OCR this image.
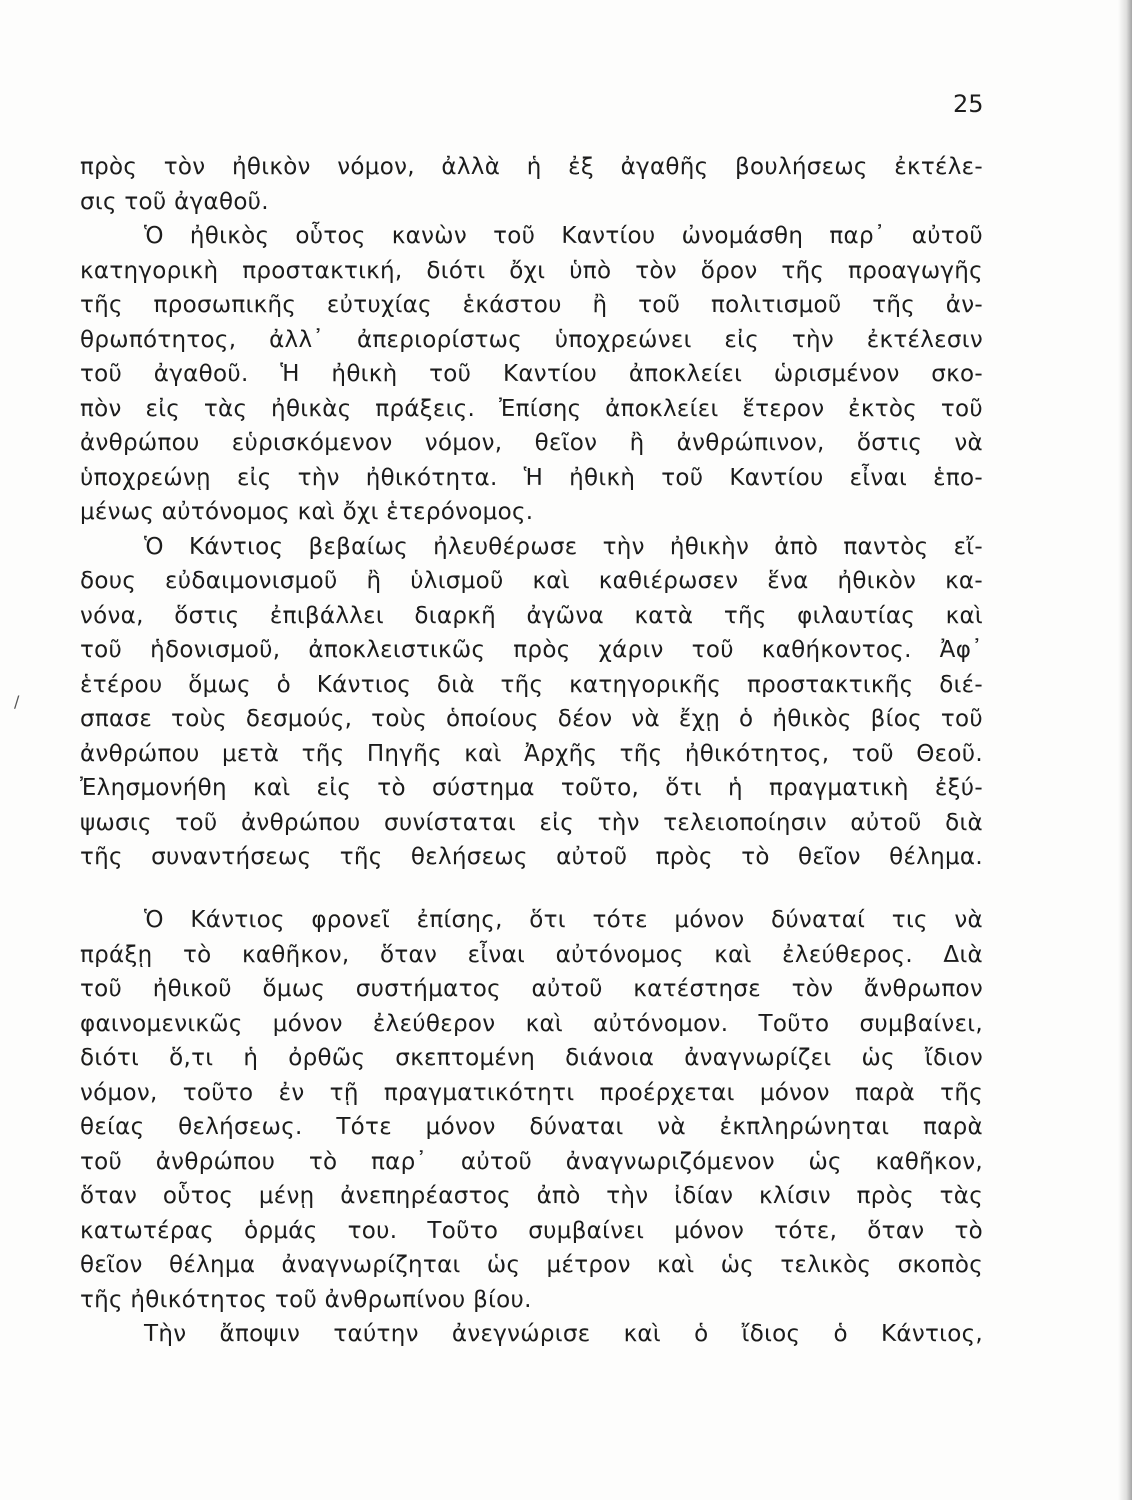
25
/
πρὸς τὸν ἠθικὸν νόμον, ἀλλὰ ἡ ἐξ ἀγαθῆς βουλήσεως ἐκτέλε-
σις τοῦ ἀγαθοῦ.
Ὁ ἠθικὸς οὗτος κανὼν τοῦ Καντίου ὠνομάσθη παρ᾽ αὐτοῦ
κατηγορικὴ προστακτική, διότι ὄχι ὑπὸ τὸν ὅρον τῆς προαγωγῆς
τῆς προσωπικῆς εὐτυχίας ἑκάστου ἢ τοῦ πολιτισμοῦ τῆς ἀν-
θρωπότητος, ἀλλ᾽ ἀπεριορίστως ὑποχρεώνει εἰς τὴν ἐκτέλεσιν
τοῦ ἀγαθοῦ. Ἡ ἠθικὴ τοῦ Καντίου ἀποκλείει ὡρισμένον σκο-
πὸν εἰς τὰς ἠθικὰς πράξεις. Ἐπίσης ἀποκλείει ἕτερον ἐκτὸς τοῦ
ἀνθρώπου εὑρισκόμενον νόμον, θεῖον ἢ ἀνθρώπινον, ὅστις νὰ
ὑποχρεώνῃ εἰς τὴν ἠθικότητα. Ἡ ἠθικὴ τοῦ Καντίου εἶναι ἑπο-
μένως αὐτόνομος καὶ ὄχι ἑτερόνομος.
Ὁ Κάντιος βεβαίως ἠλευθέρωσε τὴν ἠθικὴν ἀπὸ παντὸς εἴ-
δους εὐδαιμονισμοῦ ἢ ὑλισμοῦ καὶ καθιέρωσεν ἕνα ἠθικὸν κα-
νόνα, ὅστις ἐπιβάλλει διαρκῆ ἀγῶνα κατὰ τῆς φιλαυτίας καὶ
τοῦ ἡδονισμοῦ, ἀποκλειστικῶς πρὸς χάριν τοῦ καθήκοντος. Ἀφ᾽
ἑτέρου ὅμως ὁ Κάντιος διὰ τῆς κατηγορικῆς προστακτικῆς διέ-
σπασε τοὺς δεσμούς, τοὺς ὁποίους δέον νὰ ἔχῃ ὁ ἠθικὸς βίος τοῦ
ἀνθρώπου μετὰ τῆς Πηγῆς καὶ Ἀρχῆς τῆς ἠθικότητος, τοῦ Θεοῦ.
Ἐλησμονήθη καὶ εἰς τὸ σύστημα τοῦτο, ὅτι ἡ πραγματικὴ ἐξύ-
ψωσις τοῦ ἀνθρώπου συνίσταται εἰς τὴν τελειοποίησιν αὐτοῦ διὰ
τῆς συναντήσεως τῆς θελήσεως αὐτοῦ πρὸς τὸ θεῖον θέλημα.
Ὁ Κάντιος φρονεῖ ἐπίσης, ὅτι τότε μόνον δύναταί τις νὰ
πράξῃ τὸ καθῆκον, ὅταν εἶναι αὐτόνομος καὶ ἐλεύθερος. Διὰ
τοῦ ἠθικοῦ ὅμως συστήματος αὐτοῦ κατέστησε τὸν ἄνθρωπον
φαινομενικῶς μόνον ἐλεύθερον καὶ αὐτόνομον. Τοῦτο συμβαίνει,
διότι ὅ,τι ἡ ὀρθῶς σκεπτομένη διάνοια ἀναγνωρίζει ὡς ἴδιον
νόμον, τοῦτο ἐν τῇ πραγματικότητι προέρχεται μόνον παρὰ τῆς
θείας θελήσεως. Τότε μόνον δύναται νὰ ἐκπληρώνηται παρὰ
τοῦ ἀνθρώπου τὸ παρ᾽ αὐτοῦ ἀναγνωριζόμενον ὡς καθῆκον,
ὅταν οὗτος μένῃ ἀνεπηρέαστος ἀπὸ τὴν ἰδίαν κλίσιν πρὸς τὰς
κατωτέρας ὁρμάς του. Τοῦτο συμβαίνει μόνον τότε, ὅταν τὸ
θεῖον θέλημα ἀναγνωρίζηται ὡς μέτρον καὶ ὡς τελικὸς σκοπὸς
τῆς ἠθικότητος τοῦ ἀνθρωπίνου βίου.
Τὴν ἄποψιν ταύτην ἀνεγνώρισε καὶ ὁ ἴδιος ὁ Κάντιος,
